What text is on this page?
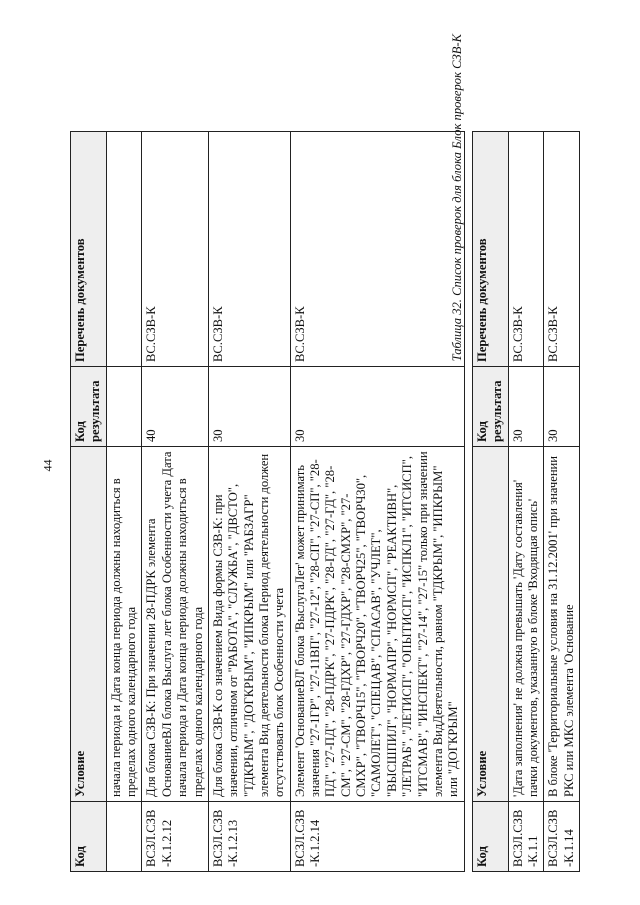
44
Код	Условие	Код результата	Перечень документов
	начала периода и Дата конца периода должны находиться в пределах одного календарного года		
ВСЗЛ.СЗВ-К.1.2.12	Для блока СЗВ-К: При значении 28-ПДРК элемента ОснованиеВЛ блока Выслуга лет блока Особенности учета Дата начала периода и Дата конца периода должны находиться в пределах одного календарного года	40	ВС.СЗВ-К
ВСЗЛ.СЗВ-К.1.2.13	Для блока СЗВ-К со значением Вида формы СЗВ-К: при значении, отличном от "РАБОТА", "СЛУЖБА", "ДВСТО", "ТДКРЫМ", "ДОГКРЫМ", "ИПКРЫМ" или "РАБЗАГР" элемента Вид деятельности блока Период деятельности должен отсутствовать блок Особенности учета	30	ВС.СЗВ-К
ВСЗЛ.СЗВ-К.1.2.14	Элемент 'ОснованиеВЛ' блока 'ВыслугаЛет' может принимать значения "27-1ГР", "27-11ВП", "27-12", "28-СП", "27-СП", "28-ПД", "27-ПД", "28-ПДРК", "27-ПДРК", "28-ГД", "27-ГД", "28-СМ", "27-СМ", "28-ГДХР", "27-ГДХР", "28-СМХР", "27-СМХР", "ТВОРЧ15", "ТВОРЧ20", "ТВОРЧ25", "ТВОРЧ30", "САМОЛЕТ", "СПЕЦАВ", "СПАСАВ", "УЧЛЕТ", "ВЫСШПИЛ", "НОРМАПР", "НОРМСП", "РЕАКТИВН", "ЛЕТРАБ", "ЛЕТИСП", "ОПЫТИСП", "ИСПКЛ1", "ИТСИСП", "ИТСМАВ", "ИНСПЕКТ", "27-14", "27-15" только при значении элемента ВидДеятельности, равном "ТДКРЫМ", "ИПКРЫМ" или "ДОГКРЫМ"	30	ВС.СЗВ-К	Таблица 32. Список проверок для блока Блок проверок СЗВ-К
Код	Условие	Код результата	Перечень документов
ВСЗЛ.СЗВ-К.1.1	'Дата заполнения' не должна превышать 'Дату составления' пачки документов, указанную в блоке 'Входящая опись'	30	ВС.СЗВ-К
ВСЗЛ.СЗВ-К.1.14	В блоке 'Территориальные условия на 31.12.2001' при значении РКС или МКС элемента 'Основание	30	ВС.СЗВ-К
